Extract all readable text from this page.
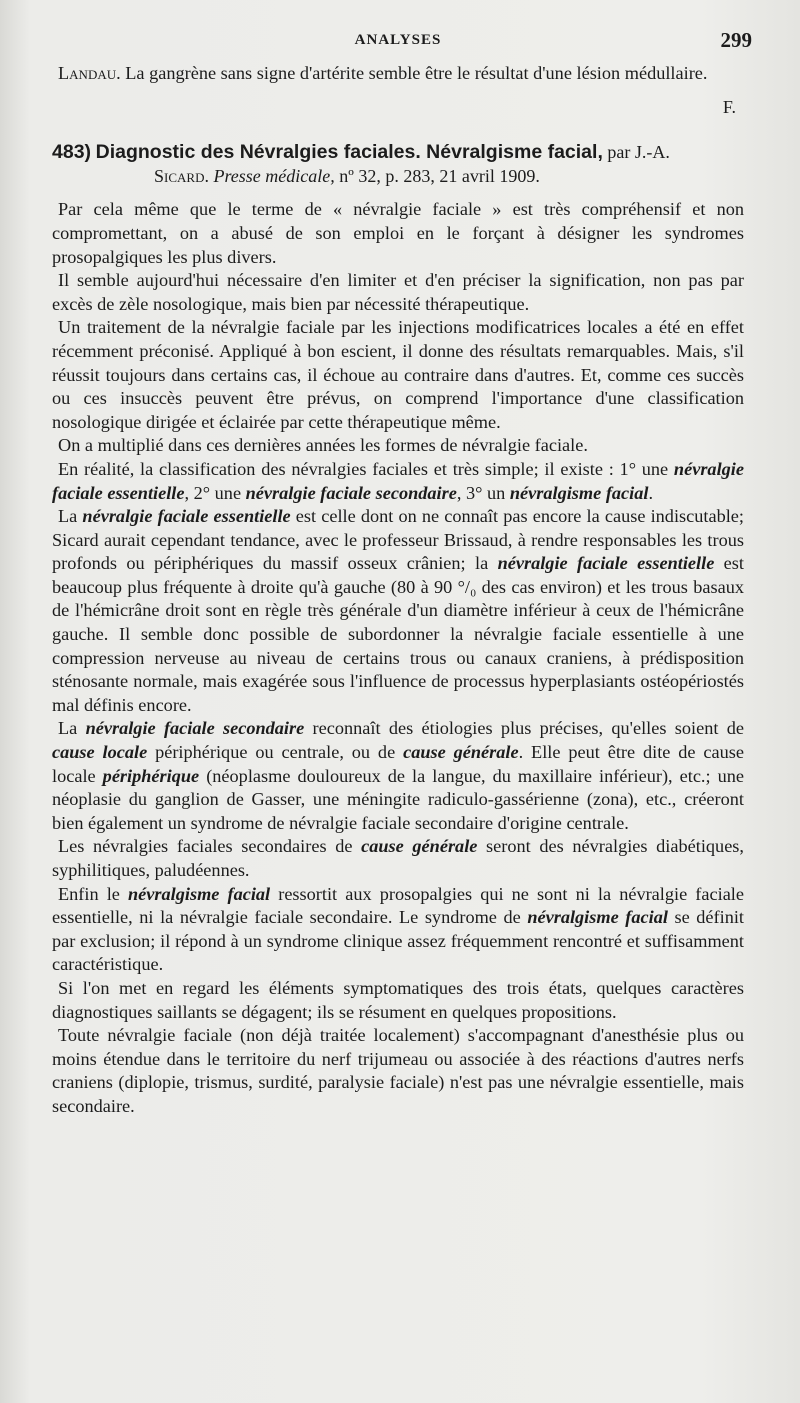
ANALYSES	299

Landau. La gangrène sans signe d'artérite semble être le résultat d'une lésion médullaire.

F.

483) Diagnostic des Névralgies faciales. Névralgisme facial, par J.-A.
Sicard. Presse médicale, nº 32, p. 283, 21 avril 1909.

Par cela même que le terme de « névralgie faciale » est très compréhensif et non compromettant, on a abusé de son emploi en le forçant à désigner les syndromes prosopalgiques les plus divers.

Il semble aujourd'hui nécessaire d'en limiter et d'en préciser la signification, non pas par excès de zèle nosologique, mais bien par nécessité thérapeutique.

Un traitement de la névralgie faciale par les injections modificatrices locales a été en effet récemment préconisé. Appliqué à bon escient, il donne des résultats remarquables. Mais, s'il réussit toujours dans certains cas, il échoue au contraire dans d'autres. Et, comme ces succès ou ces insuccès peuvent être prévus, on comprend l'importance d'une classification nosologique dirigée et éclairée par cette thérapeutique même.

On a multiplié dans ces dernières années les formes de névralgie faciale.

En réalité, la classification des névralgies faciales et très simple; il existe : 1° une névralgie faciale essentielle, 2° une névralgie faciale secondaire, 3° un névralgisme facial.

La névralgie faciale essentielle est celle dont on ne connaît pas encore la cause indiscutable; Sicard aurait cependant tendance, avec le professeur Brissaud, à rendre responsables les trous profonds ou périphériques du massif osseux crânien; la névralgie faciale essentielle est beaucoup plus fréquente à droite qu'à gauche (80 à 90 °/₀ des cas environ) et les trous basaux de l'hémicrâne droit sont en règle très générale d'un diamètre inférieur à ceux de l'hémicrâne gauche. Il semble donc possible de subordonner la névralgie faciale essentielle à une compression nerveuse au niveau de certains trous ou canaux craniens, à prédisposition sténosante normale, mais exagérée sous l'influence de processus hyperplasiants ostéopériostés mal définis encore.

La névralgie faciale secondaire reconnaît des étiologies plus précises, qu'elles soient de cause locale périphérique ou centrale, ou de cause générale. Elle peut être dite de cause locale périphérique (néoplasme douloureux de la langue, du maxillaire inférieur), etc.; une néoplasie du ganglion de Gasser, une méningite radiculo-gassérienne (zona), etc., créeront bien également un syndrome de névralgie faciale secondaire d'origine centrale.

Les névralgies faciales secondaires de cause générale seront des névralgies diabétiques, syphilitiques, paludéennes.

Enfin le névralgisme facial ressortit aux prosopalgies qui ne sont ni la névralgie faciale essentielle, ni la névralgie faciale secondaire. Le syndrome de névralgisme facial se définit par exclusion; il répond à un syndrome clinique assez fréquemment rencontré et suffisamment caractéristique.

Si l'on met en regard les éléments symptomatiques des trois états, quelques caractères diagnostiques saillants se dégagent; ils se résument en quelques propositions.

Toute névralgie faciale (non déjà traitée localement) s'accompagnant d'anesthésie plus ou moins étendue dans le territoire du nerf trijumeau ou associée à des réactions d'autres nerfs craniens (diplopie, trismus, surdité, paralysie faciale) n'est pas une névralgie essentielle, mais secondaire.
